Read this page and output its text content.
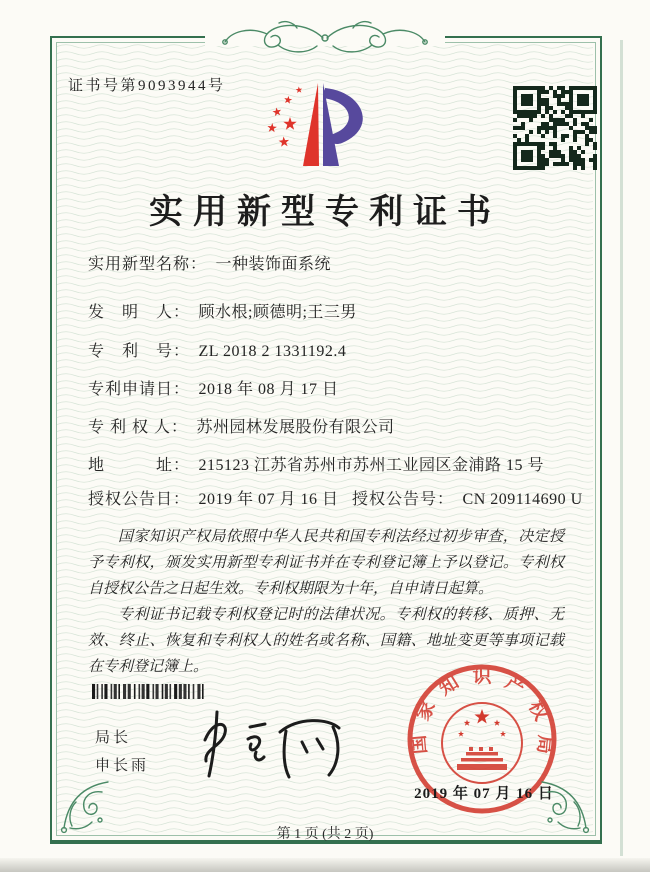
证书号第9093944号
实用新型专利证书
实用新型名称： 一种装饰面系统
发　明　人： 顾水根;顾德明;王三男
专　利　号： ZL 2018 2 1331192.4
专利申请日： 2018 年 08 月 17 日
专 利 权 人： 苏州园林发展股份有限公司
地　　　址： 215123 江苏省苏州市苏州工业园区金浦路 15 号
授权公告日： 2019 年 07 月 16 日 授权公告号： CN 209114690 U

国家知识产权局依照中华人民共和国专利法经过初步审查，决定授予专利权，颁发实用新型专利证书并在专利登记簿上予以登记。专利权自授权公告之日起生效。专利权期限为十年，自申请日起算。

专利证书记载专利权登记时的法律状况。专利权的转移、质押、无效、终止、恢复和专利权人的姓名或名称、国籍、地址变更等事项记载在专利登记簿上。

局长
申长雨
国
家
知 识 产
权
局
2019 年 07 月 16 日
第 1 页 (共 2 页)
